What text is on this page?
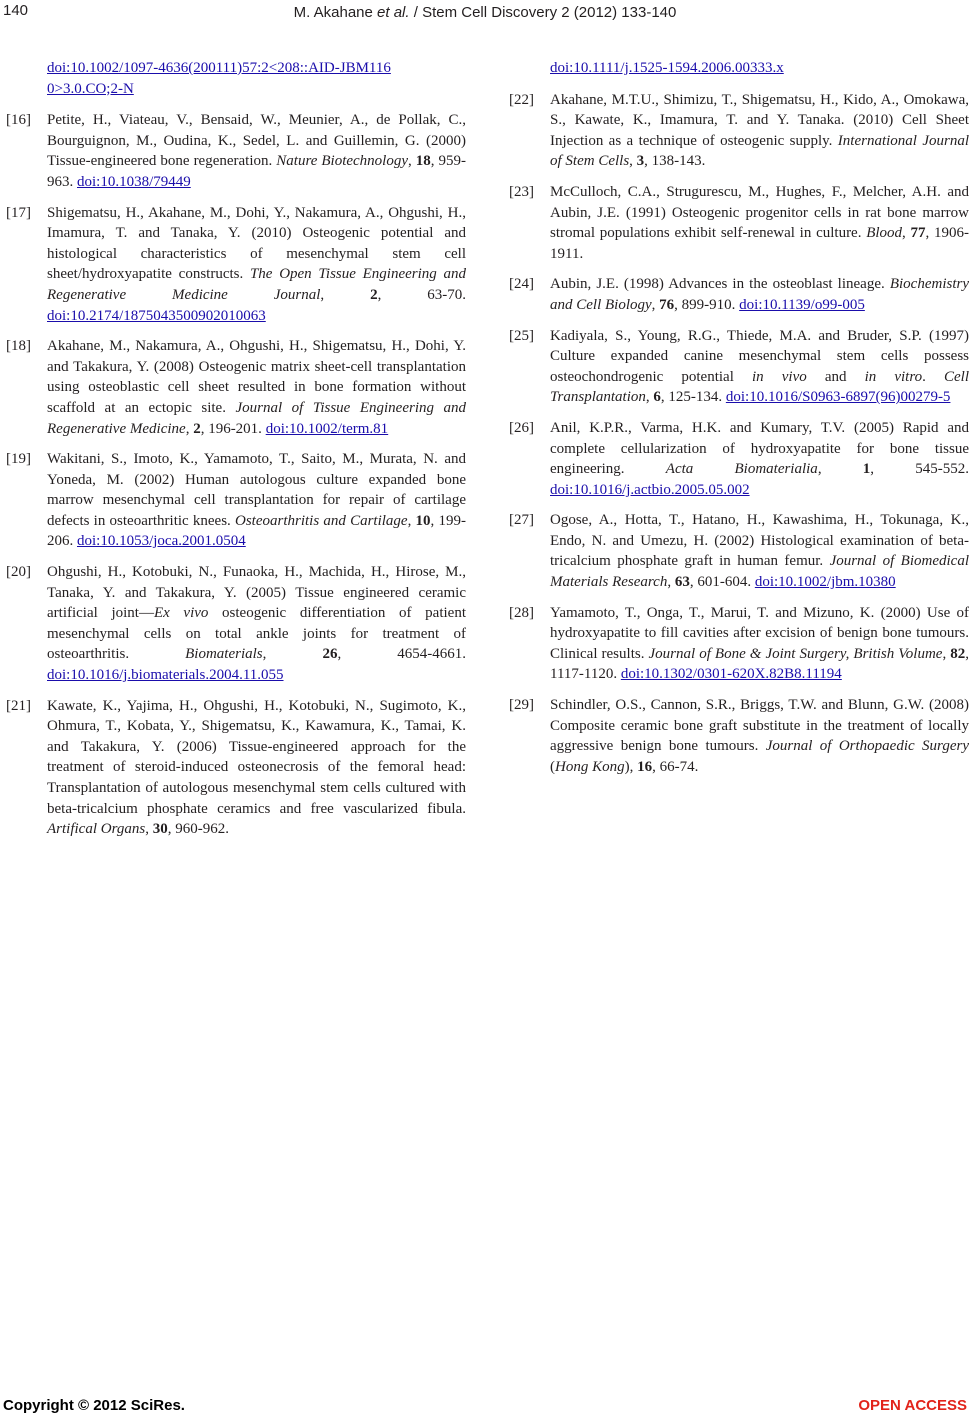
140	M. Akahane et al. / Stem Cell Discovery 2 (2012) 133-140
doi:10.1002/1097-4636(200111)57:2<208::AID-JBM116 0>3.0.CO;2-N
[16] Petite, H., Viateau, V., Bensaid, W., Meunier, A., de Pollak, C., Bourguignon, M., Oudina, K., Sedel, L. and Guillemin, G. (2000) Tissue-engineered bone regeneration. Nature Biotechnology, 18, 959-963. doi:10.1038/79449
[17] Shigematsu, H., Akahane, M., Dohi, Y., Nakamura, A., Ohgushi, H., Imamura, T. and Tanaka, Y. (2010) Osteogenic potential and histological characteristics of mesenchymal stem cell sheet/hydroxyapatite constructs. The Open Tissue Engineering and Regenerative Medicine Journal, 2, 63-70. doi:10.2174/1875043500902010063
[18] Akahane, M., Nakamura, A., Ohgushi, H., Shigematsu, H., Dohi, Y. and Takakura, Y. (2008) Osteogenic matrix sheet-cell transplantation using osteoblastic cell sheet resulted in bone formation without scaffold at an ectopic site. Journal of Tissue Engineering and Regenerative Medicine, 2, 196-201. doi:10.1002/term.81
[19] Wakitani, S., Imoto, K., Yamamoto, T., Saito, M., Murata, N. and Yoneda, M. (2002) Human autologous culture expanded bone marrow mesenchymal cell transplantation for repair of cartilage defects in osteoarthritic knees. Osteoarthritis and Cartilage, 10, 199-206. doi:10.1053/joca.2001.0504
[20] Ohgushi, H., Kotobuki, N., Funaoka, H., Machida, H., Hirose, M., Tanaka, Y. and Takakura, Y. (2005) Tissue engineered ceramic artificial joint—Ex vivo osteogenic differentiation of patient mesenchymal cells on total ankle joints for treatment of osteoarthritis. Biomaterials, 26, 4654-4661. doi:10.1016/j.biomaterials.2004.11.055
[21] Kawate, K., Yajima, H., Ohgushi, H., Kotobuki, N., Sugimoto, K., Ohmura, T., Kobata, Y., Shigematsu, K., Kawamura, K., Tamai, K. and Takakura, Y. (2006) Tissue-engineered approach for the treatment of steroid-induced osteonecrosis of the femoral head: Transplantation of autologous mesenchymal stem cells cultured with beta-tricalcium phosphate ceramics and free vascularized fibula. Artifical Organs, 30, 960-962.
doi:10.1111/j.1525-1594.2006.00333.x
[22] Akahane, M.T.U., Shimizu, T., Shigematsu, H., Kido, A., Omokawa, S., Kawate, K., Imamura, T. and Y. Tanaka. (2010) Cell Sheet Injection as a technique of osteogenic supply. International Journal of Stem Cells, 3, 138-143.
[23] McCulloch, C.A., Strugurescu, M., Hughes, F., Melcher, A.H. and Aubin, J.E. (1991) Osteogenic progenitor cells in rat bone marrow stromal populations exhibit self-renewal in culture. Blood, 77, 1906-1911.
[24] Aubin, J.E. (1998) Advances in the osteoblast lineage. Biochemistry and Cell Biology, 76, 899-910. doi:10.1139/o99-005
[25] Kadiyala, S., Young, R.G., Thiede, M.A. and Bruder, S.P. (1997) Culture expanded canine mesenchymal stem cells possess osteochondrogenic potential in vivo and in vitro. Cell Transplantation, 6, 125-134. doi:10.1016/S0963-6897(96)00279-5
[26] Anil, K.P.R., Varma, H.K. and Kumary, T.V. (2005) Rapid and complete cellularization of hydroxyapatite for bone tissue engineering. Acta Biomaterialia, 1, 545-552. doi:10.1016/j.actbio.2005.05.002
[27] Ogose, A., Hotta, T., Hatano, H., Kawashima, H., Tokunaga, K., Endo, N. and Umezu, H. (2002) Histological examination of beta-tricalcium phosphate graft in human femur. Journal of Biomedical Materials Research, 63, 601-604. doi:10.1002/jbm.10380
[28] Yamamoto, T., Onga, T., Marui, T. and Mizuno, K. (2000) Use of hydroxyapatite to fill cavities after excision of benign bone tumours. Clinical results. Journal of Bone & Joint Surgery, British Volume, 82, 1117-1120. doi:10.1302/0301-620X.82B8.11194
[29] Schindler, O.S., Cannon, S.R., Briggs, T.W. and Blunn, G.W. (2008) Composite ceramic bone graft substitute in the treatment of locally aggressive benign bone tumours. Journal of Orthopaedic Surgery (Hong Kong), 16, 66-74.
Copyright © 2012 SciRes.	OPEN ACCESS
